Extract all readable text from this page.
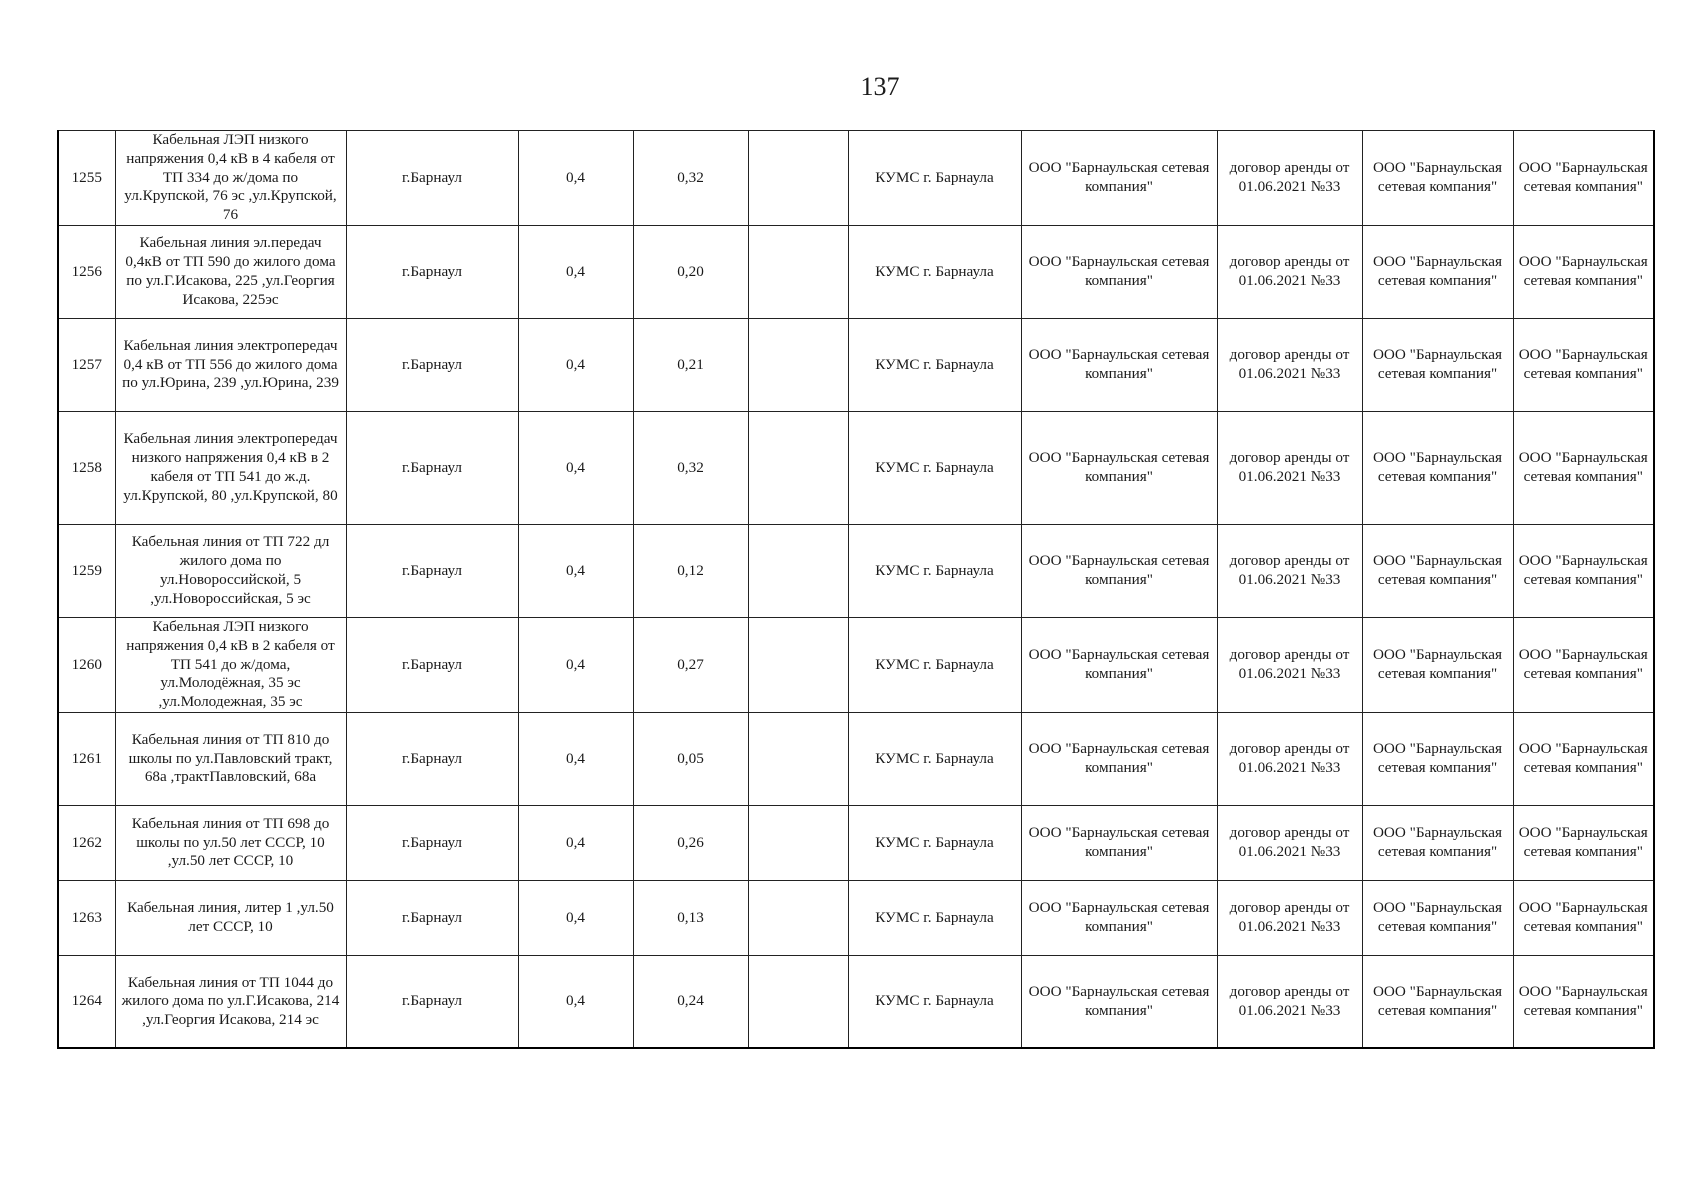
137
1255	Кабельная ЛЭП низкого напряжения 0,4 кВ в 4 кабеля от ТП 334 до ж/дома по ул.Крупской, 76 эс ,ул.Крупской, 76	г.Барнаул	0,4	0,32		КУМС г. Барнаула	ООО "Барнаульская сетевая компания"	договор аренды от 01.06.2021 №33	ООО "Барнаульская сетевая компания"	ООО "Барнаульская сетевая компания"
1256	Кабельная линия эл.передач 0,4кВ от ТП 590 до жилого дома по ул.Г.Исакова, 225 ,ул.Георгия Исакова, 225эс	г.Барнаул	0,4	0,20		КУМС г. Барнаула	ООО "Барнаульская сетевая компания"	договор аренды от 01.06.2021 №33	ООО "Барнаульская сетевая компания"	ООО "Барнаульская сетевая компания"
1257	Кабельная линия электропередач 0,4 кВ от ТП 556 до жилого дома по ул.Юрина, 239 ,ул.Юрина, 239	г.Барнаул	0,4	0,21		КУМС г. Барнаула	ООО "Барнаульская сетевая компания"	договор аренды от 01.06.2021 №33	ООО "Барнаульская сетевая компания"	ООО "Барнаульская сетевая компания"
1258	Кабельная линия электропередач низкого напряжения 0,4 кВ в 2 кабеля от ТП 541 до ж.д. ул.Крупской, 80 ,ул.Крупской, 80	г.Барнаул	0,4	0,32		КУМС г. Барнаула	ООО "Барнаульская сетевая компания"	договор аренды от 01.06.2021 №33	ООО "Барнаульская сетевая компания"	ООО "Барнаульская сетевая компания"
1259	Кабельная линия от ТП 722 дл жилого дома по ул.Новороссийской, 5 ,ул.Новороссийская, 5 эс	г.Барнаул	0,4	0,12		КУМС г. Барнаула	ООО "Барнаульская сетевая компания"	договор аренды от 01.06.2021 №33	ООО "Барнаульская сетевая компания"	ООО "Барнаульская сетевая компания"
1260	Кабельная ЛЭП низкого напряжения 0,4 кВ в 2 кабеля от ТП 541 до ж/дома, ул.Молодёжная, 35 эс ,ул.Молодежная, 35 эс	г.Барнаул	0,4	0,27		КУМС г. Барнаула	ООО "Барнаульская сетевая компания"	договор аренды от 01.06.2021 №33	ООО "Барнаульская сетевая компания"	ООО "Барнаульская сетевая компания"
1261	Кабельная линия от ТП 810 до школы по ул.Павловский тракт, 68а ,трактПавловский, 68а	г.Барнаул	0,4	0,05		КУМС г. Барнаула	ООО "Барнаульская сетевая компания"	договор аренды от 01.06.2021 №33	ООО "Барнаульская сетевая компания"	ООО "Барнаульская сетевая компания"
1262	Кабельная линия от ТП 698 до школы по ул.50 лет СССР, 10 ,ул.50 лет СССР, 10	г.Барнаул	0,4	0,26		КУМС г. Барнаула	ООО "Барнаульская сетевая компания"	договор аренды от 01.06.2021 №33	ООО "Барнаульская сетевая компания"	ООО "Барнаульская сетевая компания"
1263	Кабельная линия, литер 1 ,ул.50 лет СССР, 10	г.Барнаул	0,4	0,13		КУМС г. Барнаула	ООО "Барнаульская сетевая компания"	договор аренды от 01.06.2021 №33	ООО "Барнаульская сетевая компания"	ООО "Барнаульская сетевая компания"
1264	Кабельная линия от ТП 1044 до жилого дома по ул.Г.Исакова, 214 ,ул.Георгия Исакова, 214 эс	г.Барнаул	0,4	0,24		КУМС г. Барнаула	ООО "Барнаульская сетевая компания"	договор аренды от 01.06.2021 №33	ООО "Барнаульская сетевая компания"	ООО "Барнаульская сетевая компания"
